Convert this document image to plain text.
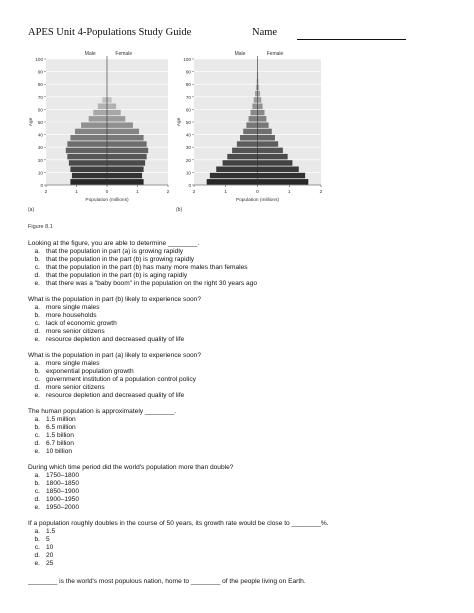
APES Unit 4-Populations Study Guide	Name
0
10
20
30
40
50
60
70
80
90
100
Male	Female
2	1	0	1	2
Population (millions)
Age
(a)
0
10
20
30
40
50
60
70
80
90
100
Male	Female
2	1	0	1	2
Population (millions)
Age
(b)
Figure 8.1
Looking at the figure, you are able to determine ________.
a. that the population in part (a) is growing rapidly
b. that the population in the part (b) is growing rapidly
c. that the population in the part (b) has many more males than females
d. that the population in the part (b) is aging rapidly
e. that there was a "baby boom" in the population on the right 30 years ago
What is the population in part (b) likely to experience soon?
a. more single males
b. more households
c. lack of economic growth
d. more senior citizens
e. resource depletion and decreased quality of life
What is the population in part (a) likely to experience soon?
a. more single males
b. exponential population growth
c. government institution of a population control policy
d. more senior citizens
e. resource depletion and decreased quality of life
The human population is approximately ________.
a. 1.5 million
b. 6.5 million
c. 1.5 billion
d. 6.7 billion
e. 10 billion
During which time period did the world's population more than double?
a. 1750–1800
b. 1800–1850
c. 1850–1900
d. 1900–1950
e. 1950–2000
If a population roughly doubles in the course of 50 years, its growth rate would be close to ________%.
a. 1.5
b. 5
c. 10
d. 20
e. 25
________ is the world's most populous nation, home to ________ of the people living on Earth.
